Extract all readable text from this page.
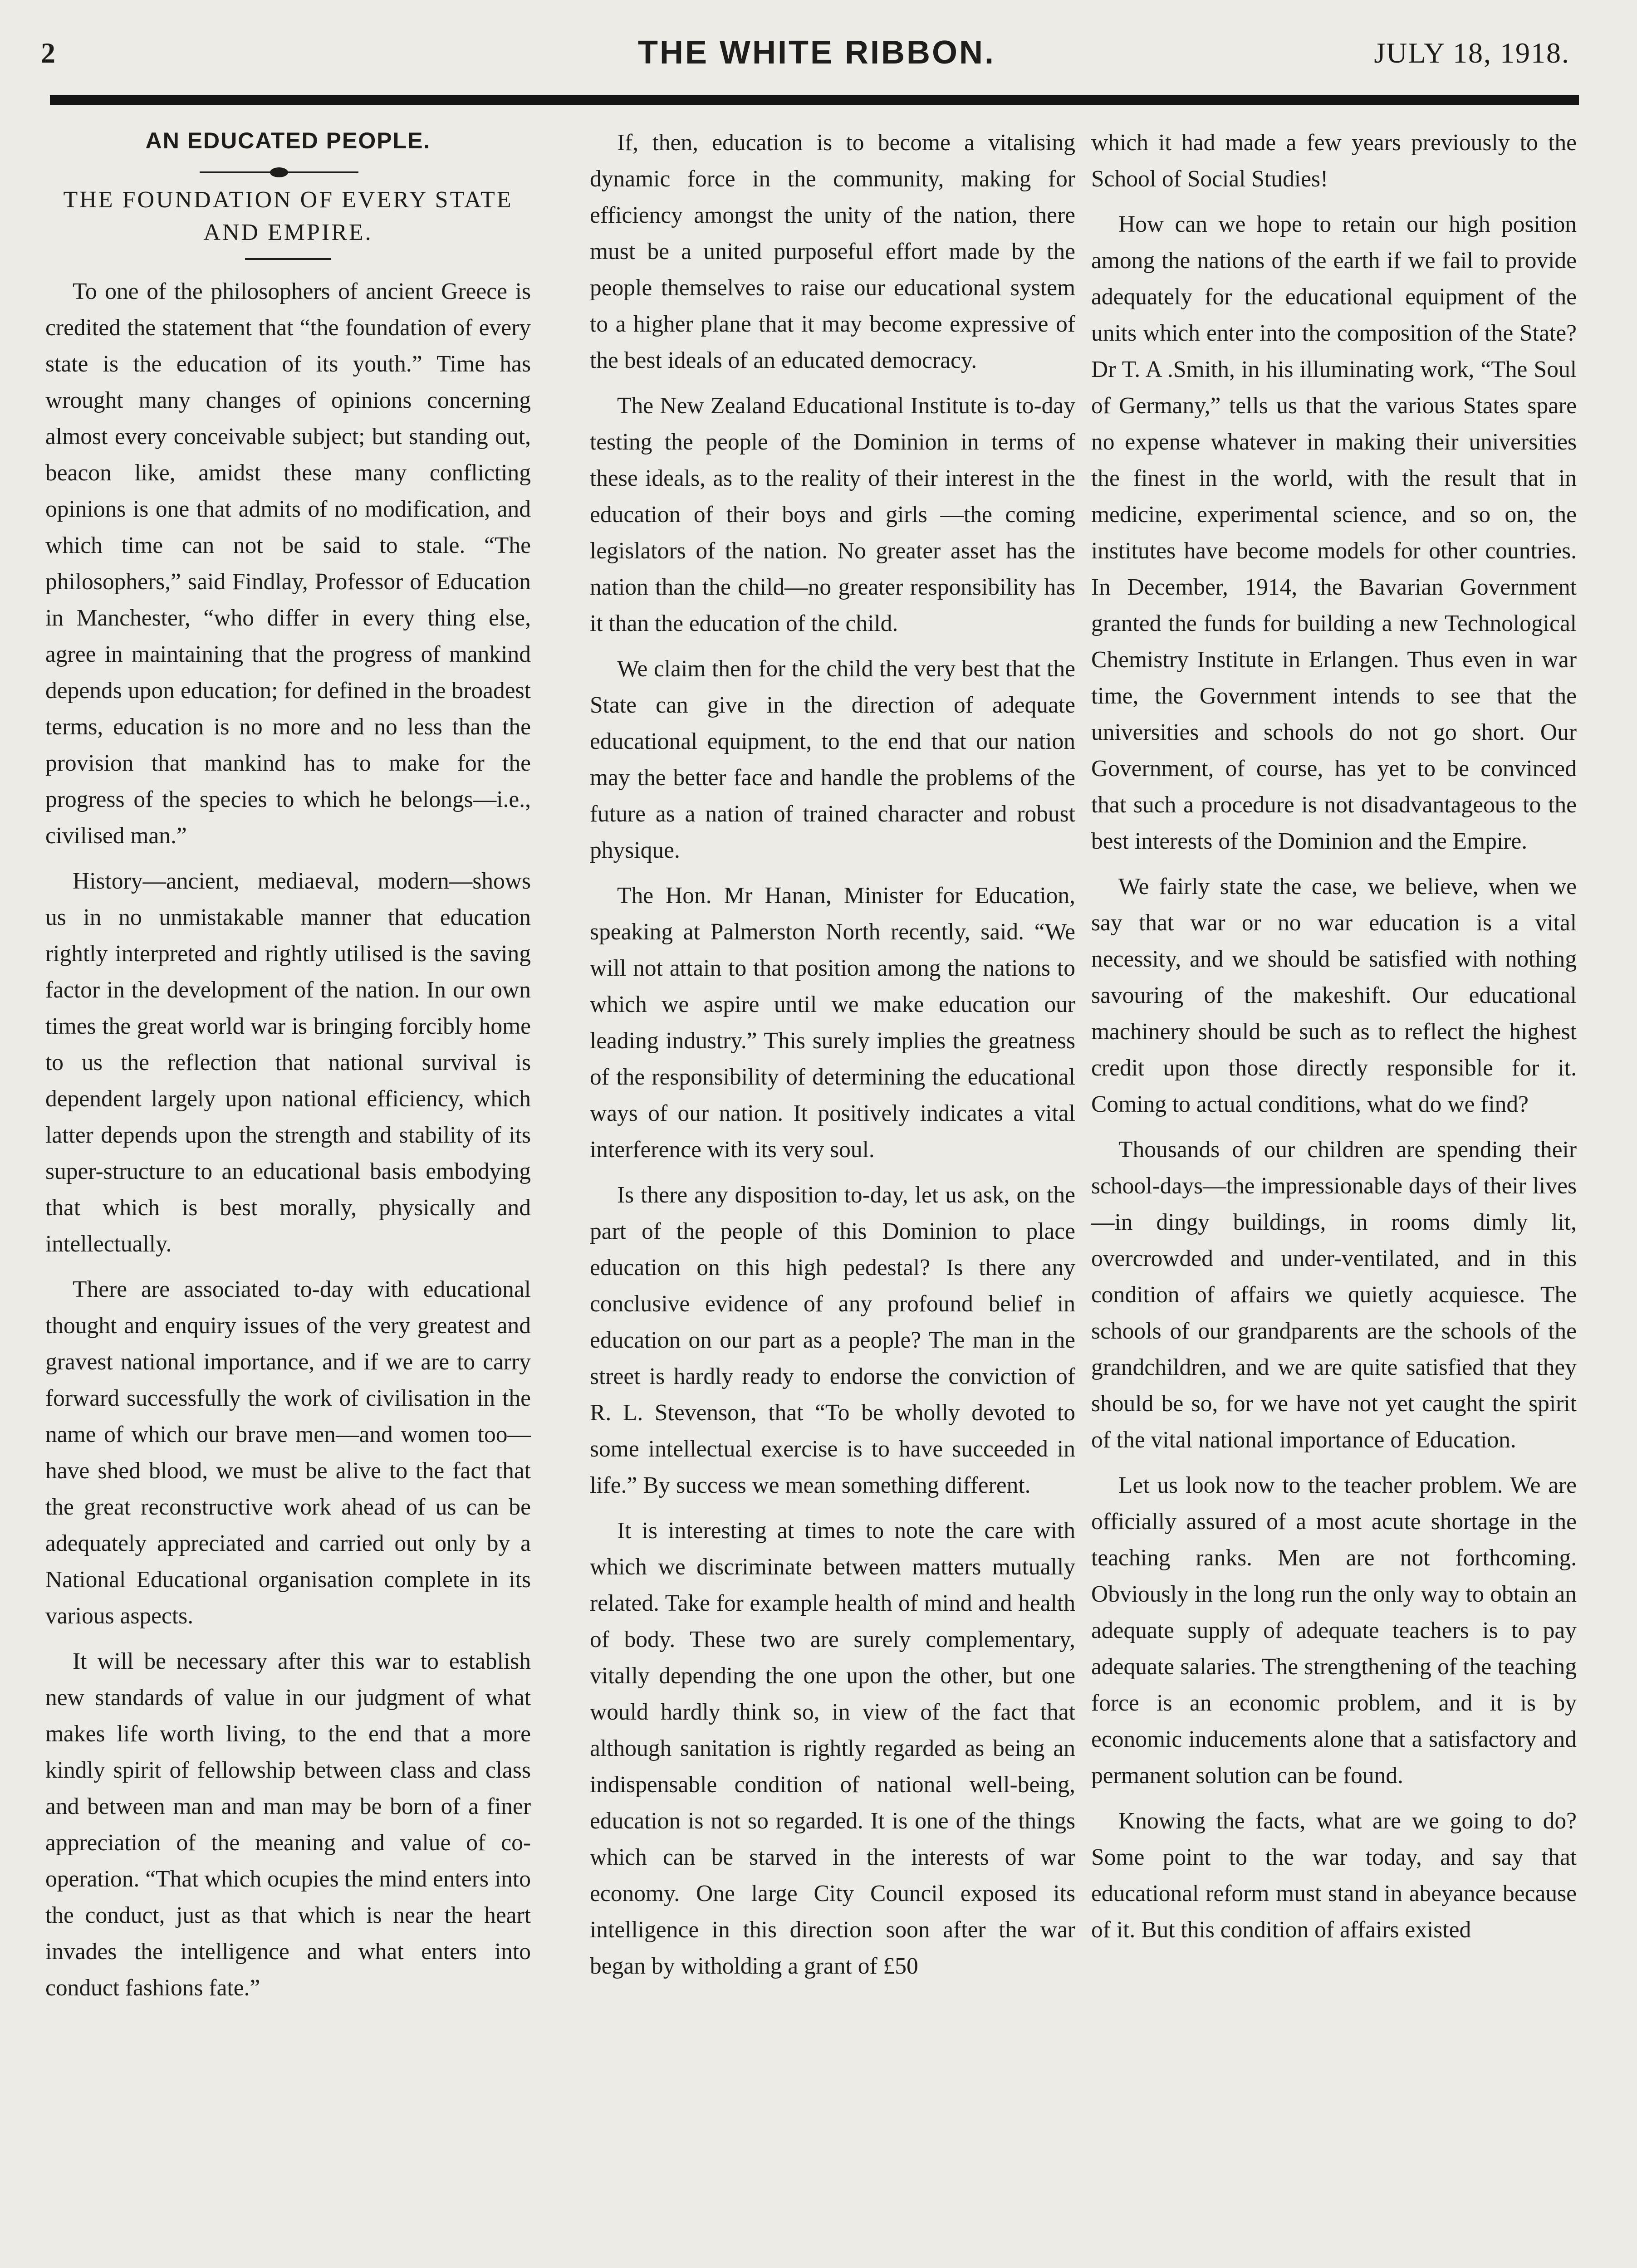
2	THE WHITE RIBBON.	JULY 18, 1918.
AN EDUCATED PEOPLE.
THE FOUNDATION OF EVERY STATE AND EMPIRE.

To one of the philosophers of ancient Greece is credited the statement that “the foundation of every state is the education of its youth.” Time has wrought many changes of opinions concerning almost every conceivable subject; but standing out, beacon like, amidst these many conflicting opinions is one that admits of no modification, and which time can not be said to stale. “The philosophers,” said Findlay, Professor of Education in Manchester, “who differ in every thing else, agree in maintaining that the progress of mankind depends upon education; for defined in the broadest terms, education is no more and no less than the provision that mankind has to make for the progress of the species to which he belongs—i.e., civilised man.”

History—ancient, mediaeval, modern—shows us in no unmistakable manner that education rightly interpreted and rightly utilised is the saving factor in the development of the nation. In our own times the great world war is bringing forcibly home to us the reflection that national survival is dependent largely upon national efficiency, which latter depends upon the strength and stability of its super-structure to an educational basis embodying that which is best morally, physically and intellectually.

There are associated to-day with educational thought and enquiry issues of the very greatest and gravest national importance, and if we are to carry forward successfully the work of civilisation in the name of which our brave men—and women too— have shed blood, we must be alive to the fact that the great reconstructive work ahead of us can be adequately appreciated and carried out only by a National Educational organisation complete in its various aspects.

It will be necessary after this war to establish new standards of value in our judgment of what makes life worth living, to the end that a more kindly spirit of fellowship between class and class and between man and man may be born of a finer appreciation of the meaning and value of co-operation. “That which ocupies the mind enters into the conduct, just as that which is near the heart invades the intelligence and what enters into conduct fashions fate.”

If, then, education is to become a vitalising dynamic force in the community, making for efficiency amongst the unity of the nation, there must be a united purposeful effort made by the people themselves to raise our educational system to a higher plane that it may become expressive of the best ideals of an educated democracy.

The New Zealand Educational Institute is to-day testing the people of the Dominion in terms of these ideals, as to the reality of their interest in the education of their boys and girls —the coming legislators of the nation. No greater asset has the nation than the child—no greater responsibility has it than the education of the child.

We claim then for the child the very best that the State can give in the direction of adequate educational equipment, to the end that our nation may the better face and handle the problems of the future as a nation of trained character and robust physique.

The Hon. Mr Hanan, Minister for Education, speaking at Palmerston North recently, said. “We will not attain to that position among the nations to which we aspire until we make education our leading industry.” This surely implies the greatness of the responsibility of determining the educational ways of our nation. It positively indicates a vital interference with its very soul.

Is there any disposition to-day, let us ask, on the part of the people of this Dominion to place education on this high pedestal? Is there any conclusive evidence of any profound belief in education on our part as a people? The man in the street is hardly ready to endorse the conviction of R. L. Stevenson, that “To be wholly devoted to some intellectual exercise is to have succeeded in life.” By success we mean something different.

It is interesting at times to note the care with which we discriminate between matters mutually related. Take for example health of mind and health of body. These two are surely complementary, vitally depending the one upon the other, but one would hardly think so, in view of the fact that although sanitation is rightly regarded as being an indispensable condition of national well-being, education is not so regarded. It is one of the things which can be starved in the interests of war economy. One large City Council exposed its intelligence in this direction soon after the war began by witholding a grant of £50

which it had made a few years previously to the School of Social Studies!

How can we hope to retain our high position among the nations of the earth if we fail to provide adequately for the educational equipment of the units which enter into the composition of the State? Dr T. A .Smith, in his illuminating work, “The Soul of Germany,” tells us that the various States spare no expense whatever in making their universities the finest in the world, with the result that in medicine, experimental science, and so on, the institutes have become models for other countries. In December, 1914, the Bavarian Government granted the funds for building a new Technological Chemistry Institute in Erlangen. Thus even in war time, the Government intends to see that the universities and schools do not go short. Our Government, of course, has yet to be convinced that such a procedure is not disadvantageous to the best interests of the Dominion and the Empire.

We fairly state the case, we believe, when we say that war or no war education is a vital necessity, and we should be satisfied with nothing savouring of the makeshift. Our educational machinery should be such as to reflect the highest credit upon those directly responsible for it. Coming to actual conditions, what do we find?

Thousands of our children are spending their school-days—the impressionable days of their lives—in dingy buildings, in rooms dimly lit, overcrowded and under-ventilated, and in this condition of affairs we quietly acquiesce. The schools of our grandparents are the schools of the grandchildren, and we are quite satisfied that they should be so, for we have not yet caught the spirit of the vital national importance of Education.

Let us look now to the teacher problem. We are officially assured of a most acute shortage in the teaching ranks. Men are not forthcoming. Obviously in the long run the only way to obtain an adequate supply of adequate teachers is to pay adequate salaries. The strengthening of the teaching force is an economic problem, and it is by economic inducements alone that a satisfactory and permanent solution can be found.

Knowing the facts, what are we going to do? Some point to the war today, and say that educational reform must stand in abeyance because of it. But this condition of affairs existed
